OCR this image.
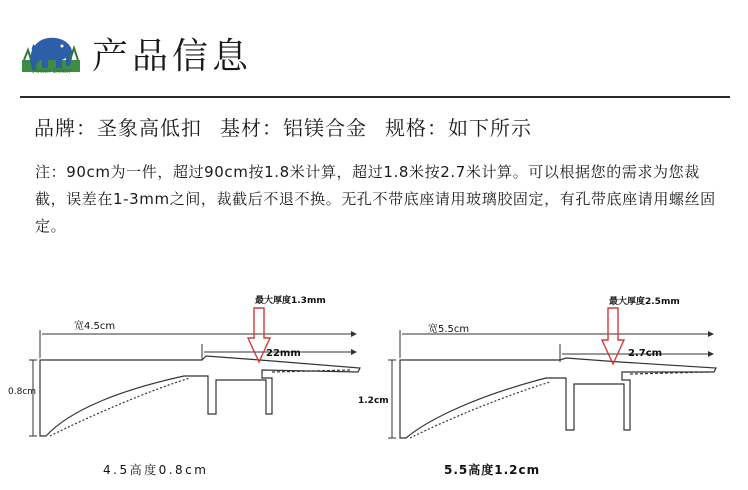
Power Dekor 产品信息
品牌：圣象高低扣 基材：铝镁合金 规格：如下所示
注：90cm为一件，超过90cm按1.8米计算，超过1.8米按2.7米计算。可以根据您的需求为您裁截，误差在1-3mm之间，裁截后不退不换。无孔不带底座请用玻璃胶固定，有孔带底座请用螺丝固定。
宽4.5cm
22mm
0.8cm
最大厚度1.3mm
宽5.5cm
2.7cm
1.2cm
最大厚度2.5mm
4.5高度0.8cm	5.5高度1.2cm
